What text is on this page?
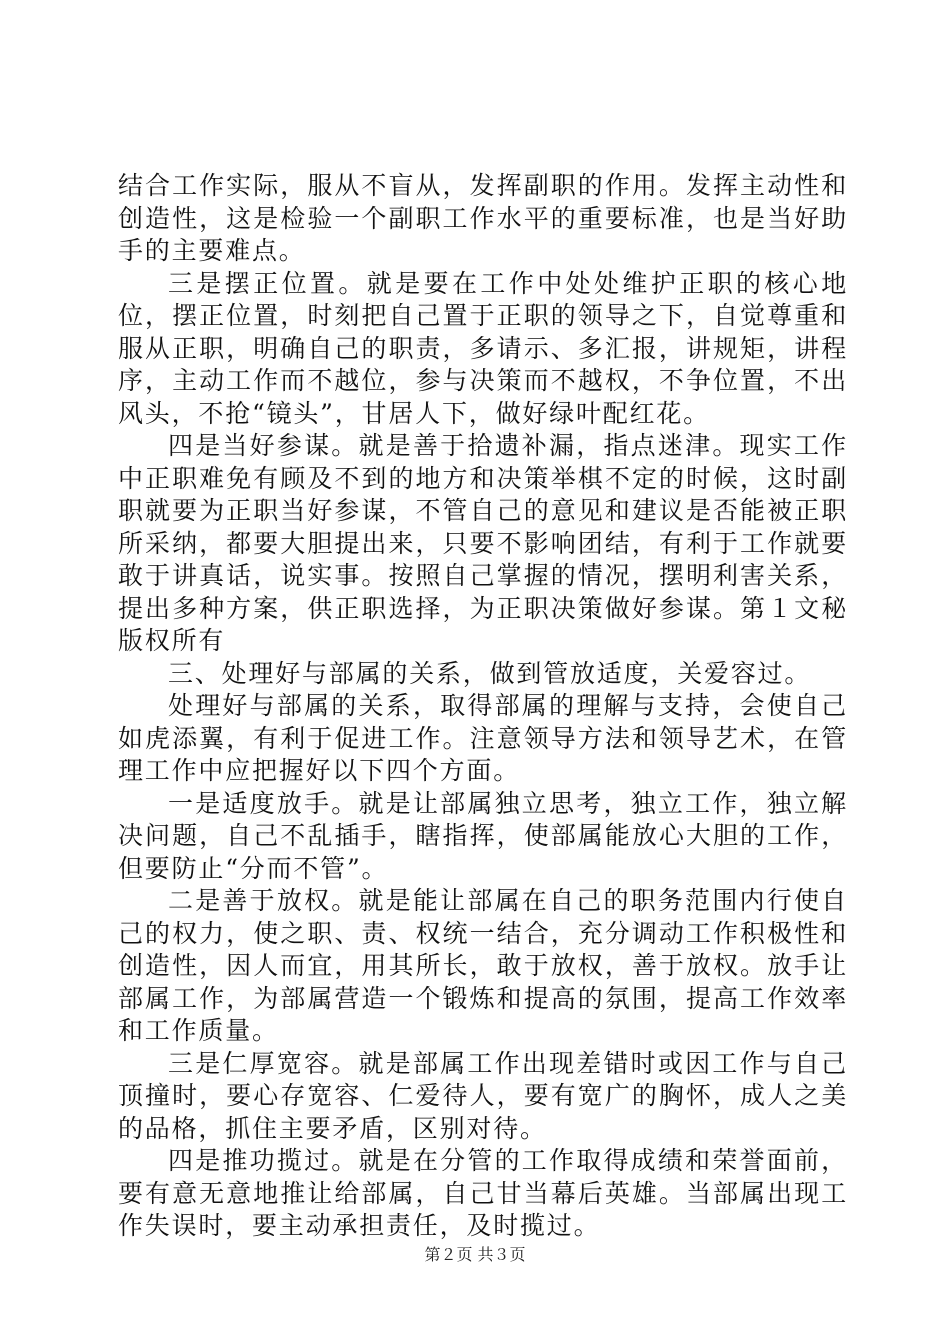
结合工作实际，服从不盲从，发挥副职的作用。发挥主动性和创造性，这是检验一个副职工作水平的重要标准，也是当好助手的主要难点。

三是摆正位置。就是要在工作中处处维护正职的核心地位，摆正位置，时刻把自己置于正职的领导之下，自觉尊重和服从正职，明确自己的职责，多请示、多汇报，讲规矩，讲程序，主动工作而不越位，参与决策而不越权，不争位置，不出风头，不抢“镜头”，甘居人下，做好绿叶配红花。

四是当好参谋。就是善于拾遗补漏，指点迷津。现实工作中正职难免有顾及不到的地方和决策举棋不定的时候，这时副职就要为正职当好参谋，不管自己的意见和建议是否能被正职所采纳，都要大胆提出来，只要不影响团结，有利于工作就要敢于讲真话，说实事。按照自己掌握的情况，摆明利害关系，提出多种方案，供正职选择，为正职决策做好参谋。第１文秘版权所有

三、处理好与部属的关系，做到管放适度，关爱容过。

处理好与部属的关系，取得部属的理解与支持，会使自己如虎添翼，有利于促进工作。注意领导方法和领导艺术，在管理工作中应把握好以下四个方面。

一是适度放手。就是让部属独立思考，独立工作，独立解决问题，自己不乱插手，瞎指挥，使部属能放心大胆的工作，但要防止“分而不管”。

二是善于放权。就是能让部属在自己的职务范围内行使自己的权力，使之职、责、权统一结合，充分调动工作积极性和创造性，因人而宜，用其所长，敢于放权，善于放权。放手让部属工作，为部属营造一个锻炼和提高的氛围，提高工作效率和工作质量。

三是仁厚宽容。就是部属工作出现差错时或因工作与自己顶撞时，要心存宽容、仁爱待人，要有宽广的胸怀，成人之美的品格，抓住主要矛盾，区别对待。

四是推功揽过。就是在分管的工作取得成绩和荣誉面前，要有意无意地推让给部属，自己甘当幕后英雄。当部属出现工作失误时，要主动承担责任，及时揽过。

第２页 共３页
